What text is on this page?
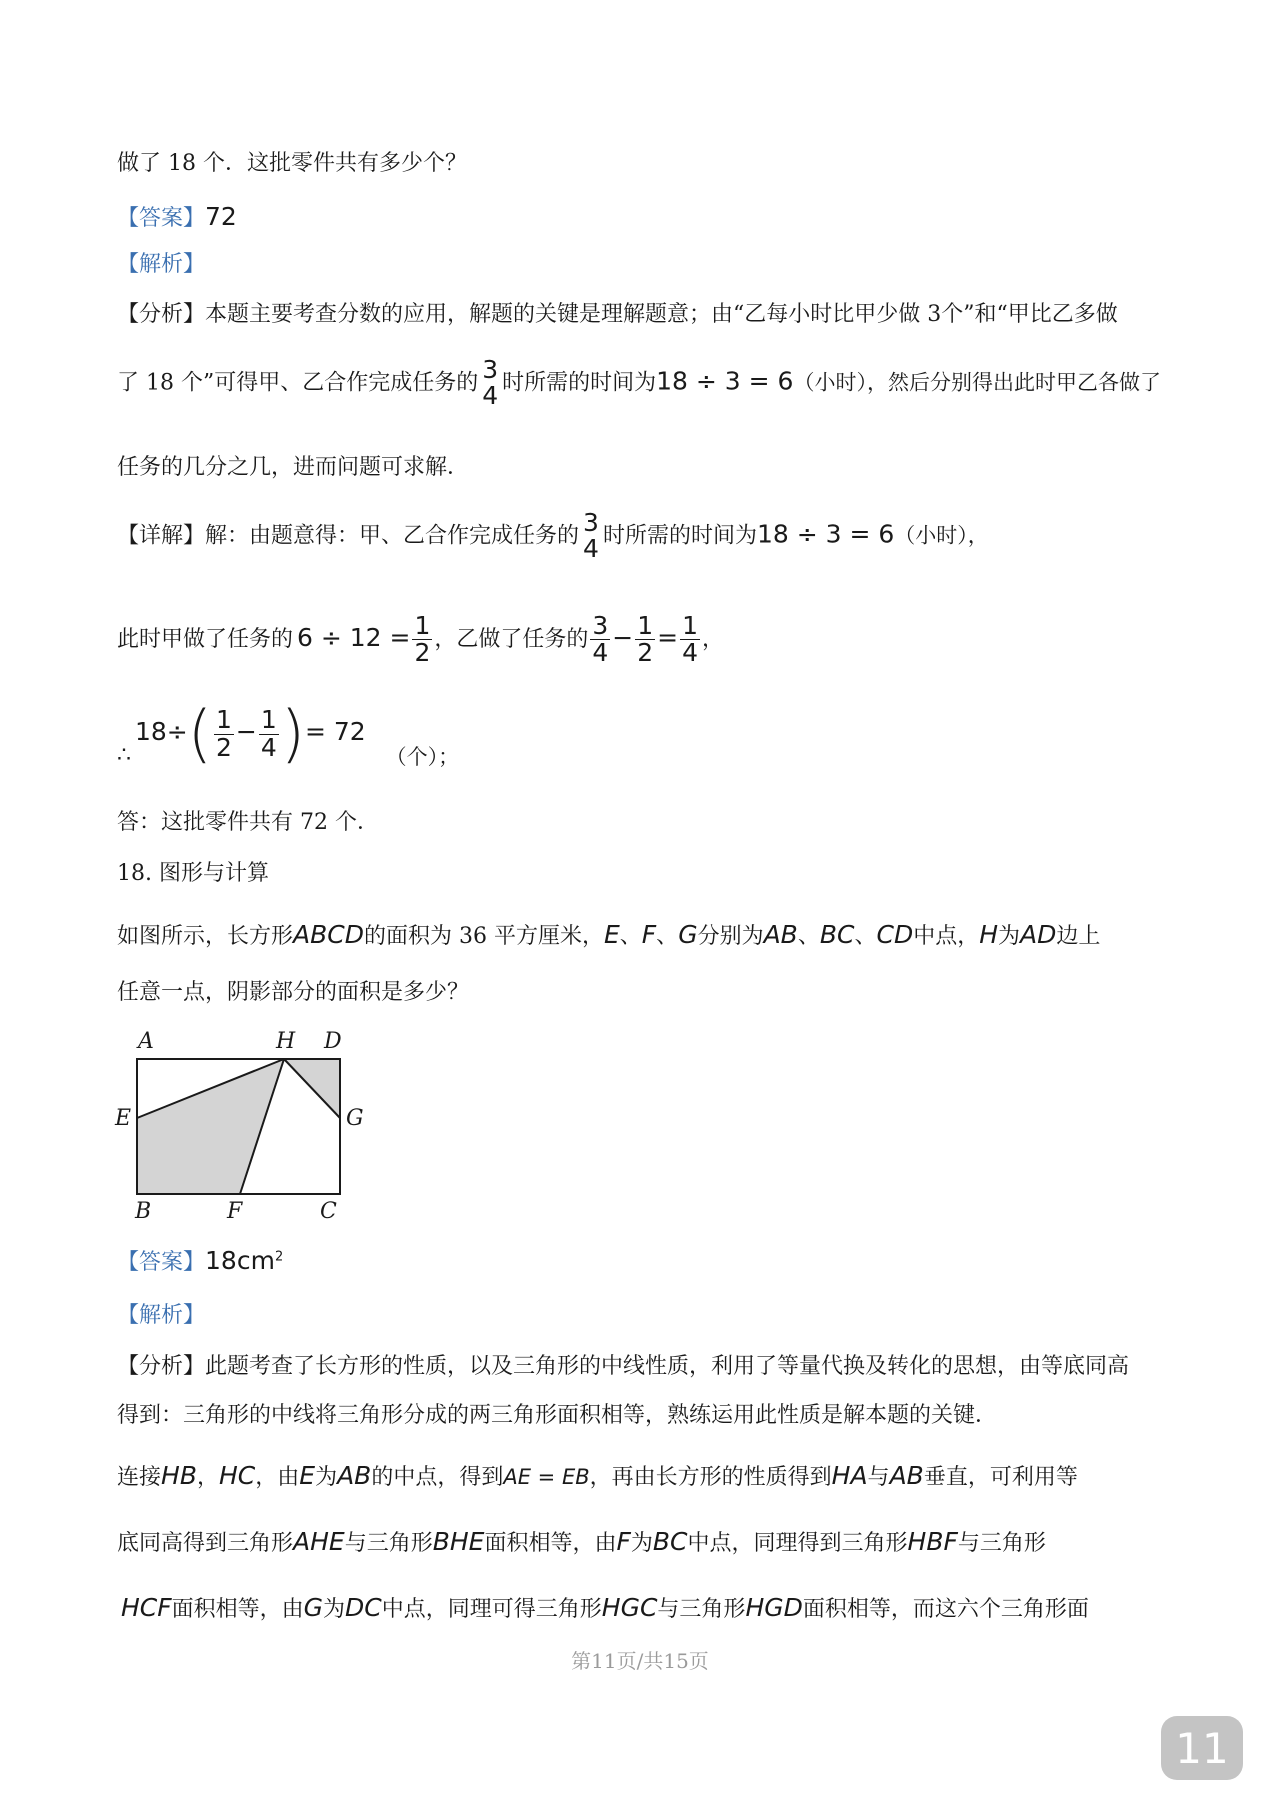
做了 18 个．这批零件共有多少个？
【答案】72
【解析】
【分析】本题主要考查分数的应用，解题的关键是理解题意；由“乙每小时比甲少做 3个”和“甲比乙多做
了 18 个”可得甲、乙合作完成任务的 3
4 时所需的时间为18 ÷ 3 = 6（小时），然后分别得出此时甲乙各做了
任务的几分之几，进而问题可求解．
【详解】解：由题意得：甲、乙合作完成任务的 3
4 时所需的时间为18 ÷ 3 = 6（小时），
此时甲做了任务的 $6 \div 12 = \frac{1}{2}$ ，乙做了任务的 $\frac{3}{4} - \frac{1}{2} = \frac{1}{4}$ ，
∴18÷( $\frac{1}{2} - \frac{1}{4}$ )= 72（个）；
答：这批零件共有 72 个．
18. 图形与计算
如图所示，长方形ABCD的面积为 36 平方厘米，E、F、G分别为AB、BC、CD中点，H为AD边上
任意一点，阴影部分的面积是多少？
A	H D
E	G
B	F	C
【答案】$18cm^2$
【解析】
【分析】此题考查了长方形的性质，以及三角形的中线性质，利用了等量代换及转化的思想，由等底同高
得到：三角形的中线将三角形分成的两三角形面积相等，熟练运用此性质是解本题的关键．
连接HB，HC，由E为AB的中点，得到AE = EB，再由长方形的性质得到HA与AB垂直，可利用等
底同高得到三角形AHE与三角形BHE面积相等，由F为BC中点，同理得到三角形HBF与三角形
HCF面积相等，由G为DC中点，同理可得三角形HGC与三角形HGD面积相等，而这六个三角形面
第11页/共15页
11
